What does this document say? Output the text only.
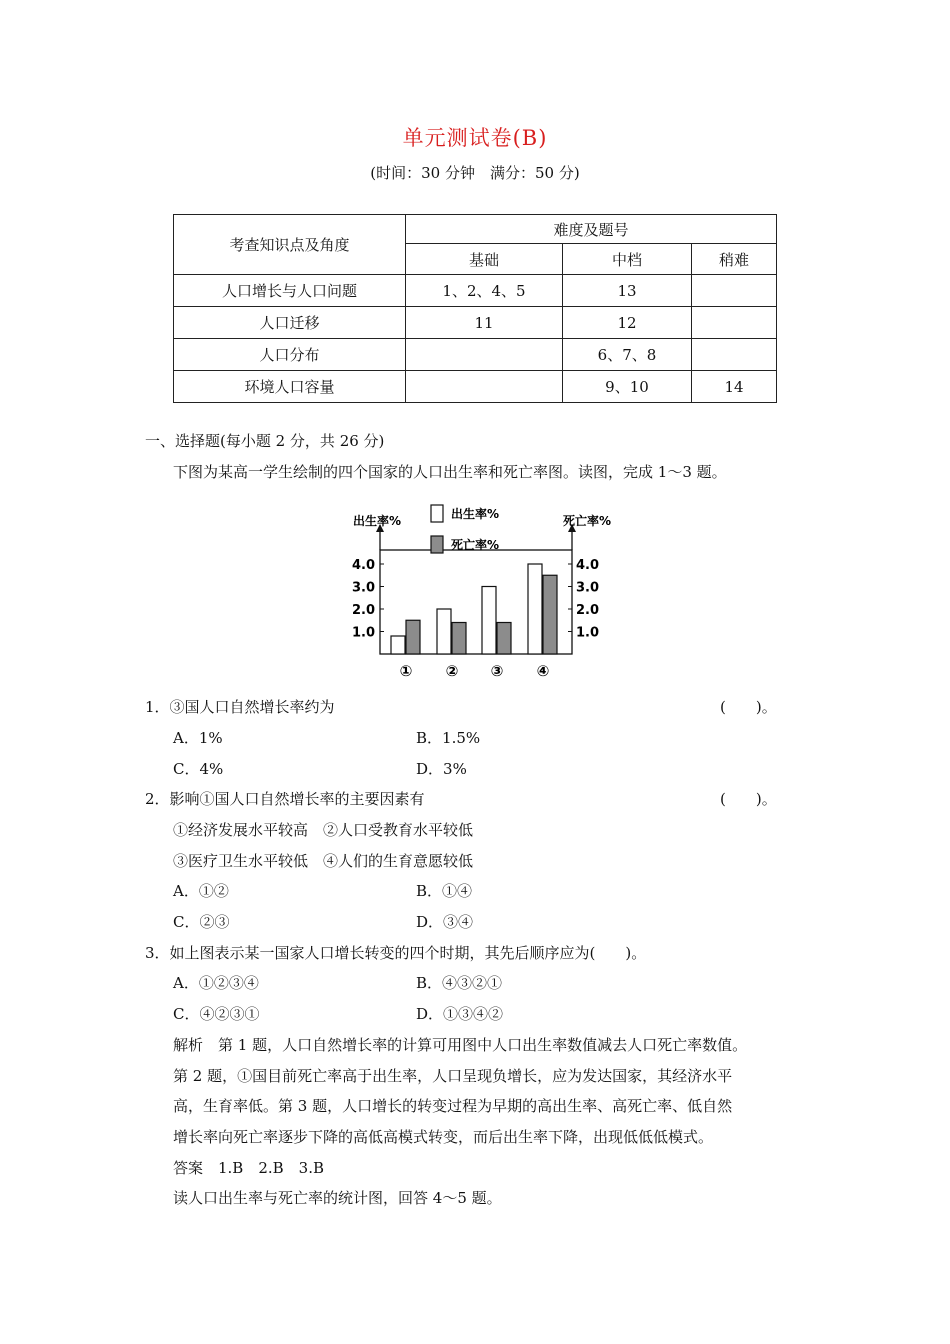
单元测试卷(B)
(时间：30 分钟　满分：50 分)
考查知识点及角度	难度及题号		
	基础	中档	稍难
人口增长与人口问题	1、2、4、5	13	
人口迁移	11	12	
人口分布		6、7、8	
环境人口容量		9、10	14
一、选择题(每小题 2 分，共 26 分)
下图为某高一学生绘制的四个国家的人口出生率和死亡率图。读图，完成 1～3 题。
出生率%	死亡率%
1.0	1.0
2.0	2.0
3.0	3.0
4.0	4.0
出生率%
死亡率%
① ② ③ ④
1．③国人口自然增长率约为	(　　)。
A．1%	B．1.5%
C．4%	D．3%
2．影响①国人口自然增长率的主要因素有	(　　)。
①经济发展水平较高　②人口受教育水平较低
③医疗卫生水平较低　④人们的生育意愿较低
A．①②	B．①④
C．②③	D．③④
3．如上图表示某一国家人口增长转变的四个时期，其先后顺序应为(　　)。
A．①②③④	B．④③②①
C．④②③①	D．①③④②
解析　第 1 题，人口自然增长率的计算可用图中人口出生率数值减去人口死亡率数值。
第 2 题，①国目前死亡率高于出生率，人口呈现负增长，应为发达国家，其经济水平
高，生育率低。第 3 题，人口增长的转变过程为早期的高出生率、高死亡率、低自然
增长率向死亡率逐步下降的高低高模式转变，而后出生率下降，出现低低低模式。
答案　1.B　2.B　3.B
读人口出生率与死亡率的统计图，回答 4～5 题。
